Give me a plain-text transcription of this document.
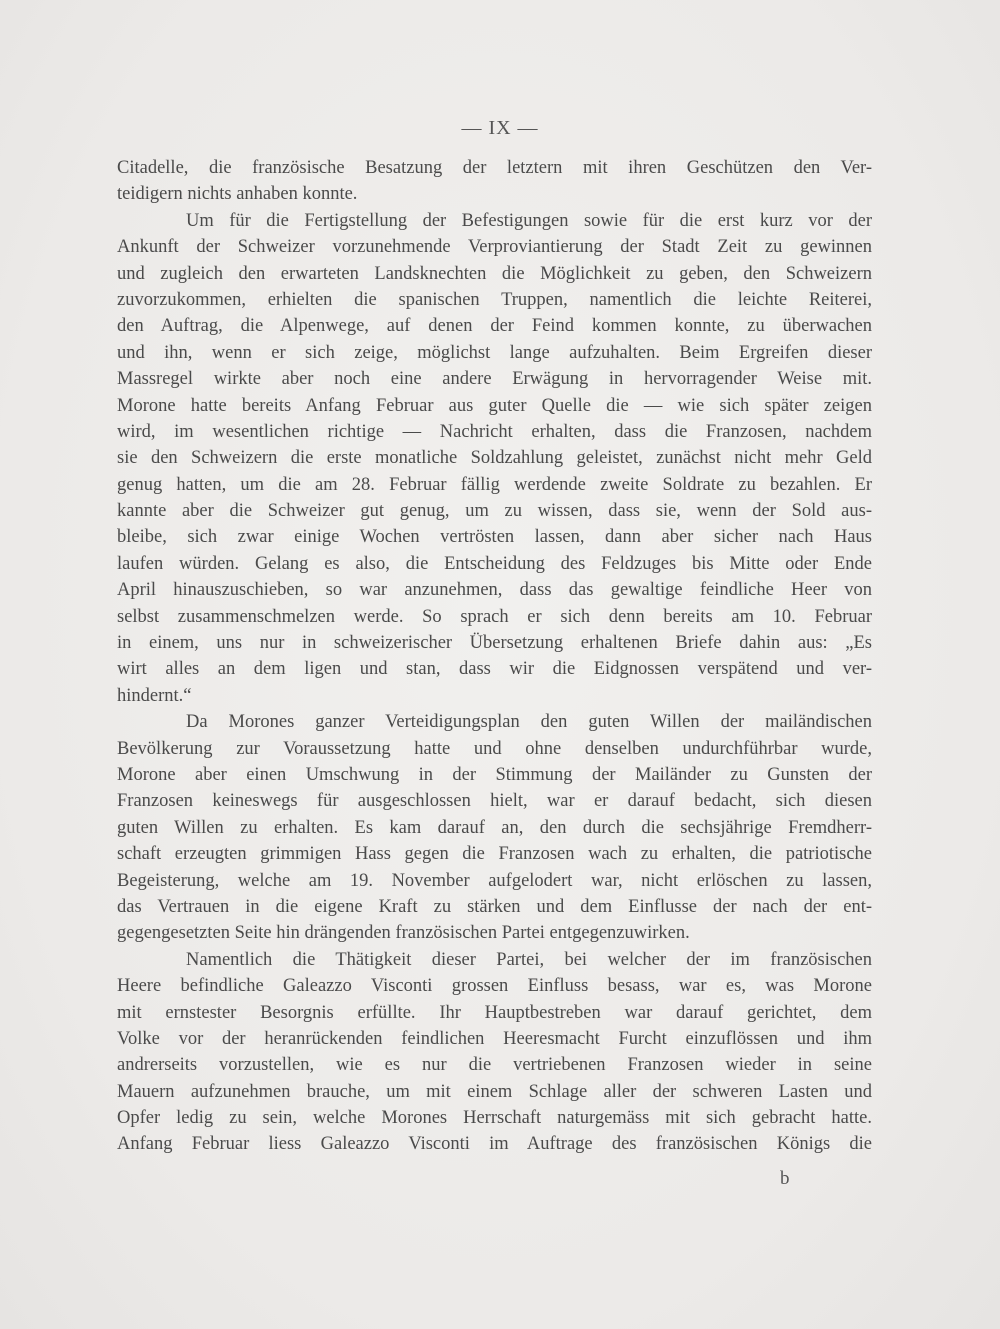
— IX —
Citadelle, die französische Besatzung der letztern mit ihren Geschützen den Ver-
teidigern nichts anhaben konnte.
Um für die Fertigstellung der Befestigungen sowie für die erst kurz vor der
Ankunft der Schweizer vorzunehmende Verproviantierung der Stadt Zeit zu gewinnen
und zugleich den erwarteten Landsknechten die Möglichkeit zu geben, den Schweizern
zuvorzukommen, erhielten die spanischen Truppen, namentlich die leichte Reiterei,
den Auftrag, die Alpenwege, auf denen der Feind kommen konnte, zu überwachen
und ihn, wenn er sich zeige, möglichst lange aufzuhalten. Beim Ergreifen dieser
Massregel wirkte aber noch eine andere Erwägung in hervorragender Weise mit.
Morone hatte bereits Anfang Februar aus guter Quelle die — wie sich später zeigen
wird, im wesentlichen richtige — Nachricht erhalten, dass die Franzosen, nachdem
sie den Schweizern die erste monatliche Soldzahlung geleistet, zunächst nicht mehr Geld
genug hatten, um die am 28. Februar fällig werdende zweite Soldrate zu bezahlen. Er
kannte aber die Schweizer gut genug, um zu wissen, dass sie, wenn der Sold aus-
bleibe, sich zwar einige Wochen vertrösten lassen, dann aber sicher nach Haus
laufen würden. Gelang es also, die Entscheidung des Feldzuges bis Mitte oder Ende
April hinauszuschieben, so war anzunehmen, dass das gewaltige feindliche Heer von
selbst zusammenschmelzen werde. So sprach er sich denn bereits am 10. Februar
in einem, uns nur in schweizerischer Übersetzung erhaltenen Briefe dahin aus: „Es
wirt alles an dem ligen und stan, dass wir die Eidgnossen verspätend und ver-
hindernt.“
Da Morones ganzer Verteidigungsplan den guten Willen der mailändischen
Bevölkerung zur Voraussetzung hatte und ohne denselben undurchführbar wurde,
Morone aber einen Umschwung in der Stimmung der Mailänder zu Gunsten der
Franzosen keineswegs für ausgeschlossen hielt, war er darauf bedacht, sich diesen
guten Willen zu erhalten. Es kam darauf an, den durch die sechsjährige Fremdherr-
schaft erzeugten grimmigen Hass gegen die Franzosen wach zu erhalten, die patriotische
Begeisterung, welche am 19. November aufgelodert war, nicht erlöschen zu lassen,
das Vertrauen in die eigene Kraft zu stärken und dem Einflusse der nach der ent-
gegengesetzten Seite hin drängenden französischen Partei entgegenzuwirken.
Namentlich die Thätigkeit dieser Partei, bei welcher der im französischen
Heere befindliche Galeazzo Visconti grossen Einfluss besass, war es, was Morone
mit ernstester Besorgnis erfüllte. Ihr Hauptbestreben war darauf gerichtet, dem
Volke vor der heranrückenden feindlichen Heeresmacht Furcht einzuflössen und ihm
andrerseits vorzustellen, wie es nur die vertriebenen Franzosen wieder in seine
Mauern aufzunehmen brauche, um mit einem Schlage aller der schweren Lasten und
Opfer ledig zu sein, welche Morones Herrschaft naturgemäss mit sich gebracht hatte.
Anfang Februar liess Galeazzo Visconti im Auftrage des französischen Königs die
b
